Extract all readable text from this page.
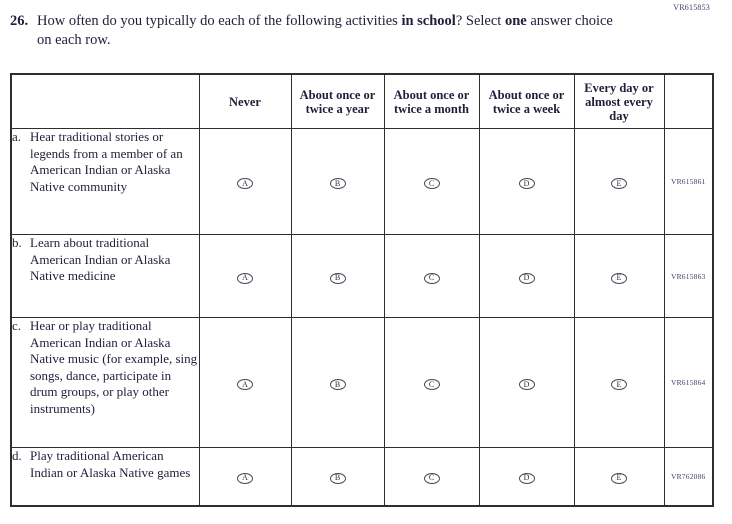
VR615853
26. How often do you typically do each of the following activities in school? Select one answer choice on each row.
	Never	About once or twice a year	About once or twice a month	About once or twice a week	Every day or almost every day	

a. Hear traditional stories or legends from a member of an American Indian or Alaska Native community	A	B	C	D	E	VR615861

b. Learn about traditional American Indian or Alaska Native medicine	A	B	C	D	E	VR615863

c. Hear or play traditional American Indian or Alaska Native music (for example, sing songs, dance, participate in drum groups, or play other instruments)	A	B	C	D	E	VR615864

d. Play traditional American Indian or Alaska Native games	A	B	C	D	E	VR762086
